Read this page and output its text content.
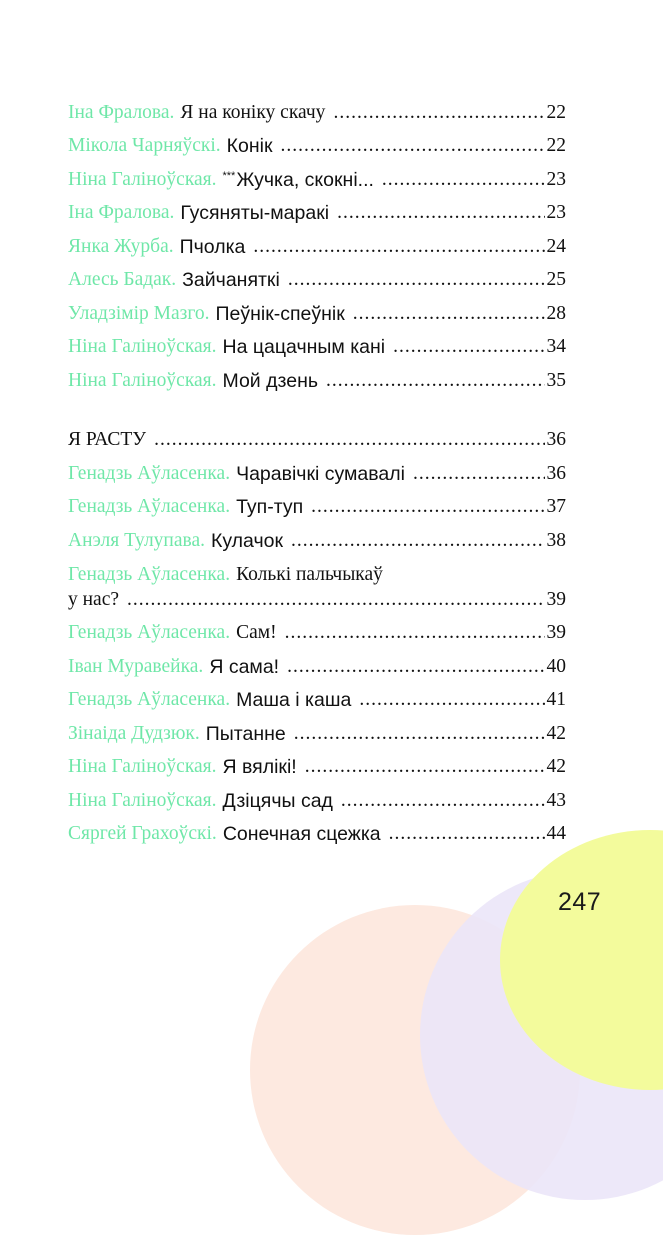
247
Іна Фралова. Я на коніку скачу .....	22
Мікола Чарняўскі. Конік .....	22
Ніна Галіноўская. ***Жучка, скокні... .....	23
Іна Фралова. Гусяняты-маракі .....	23
Янка Журба. Пчолка .....	24
Алесь Бадак. Зайчаняткі .....	25
Уладзімір Мазго. Пеўнік-спеўнік .....	28
Ніна Галіноўская. На цацачным кані .....	34
Ніна Галіноўская. Мой дзень .....	35
Я РАСТУ .....	36
Генадзь Аўласенка. Чаравічкі сумавалі .....	36
Генадзь Аўласенка. Туп-туп .....	37
Анэля Тулупава. Кулачок .....	38
Генадзь Аўласенка. Колькі пальчыкаў
у нас? .....	39
Генадзь Аўласенка. Сам! .....	39
Іван Муравейка. Я сама! .....	40
Генадзь Аўласенка. Маша і каша .....	41
Зінаіда Дудзюк. Пытанне .....	42
Ніна Галіноўская. Я вялікі! .....	42
Ніна Галіноўская. Дзіцячы сад .....	43
Сяргей Грахоўскі. Сонечная сцежка .....	44
